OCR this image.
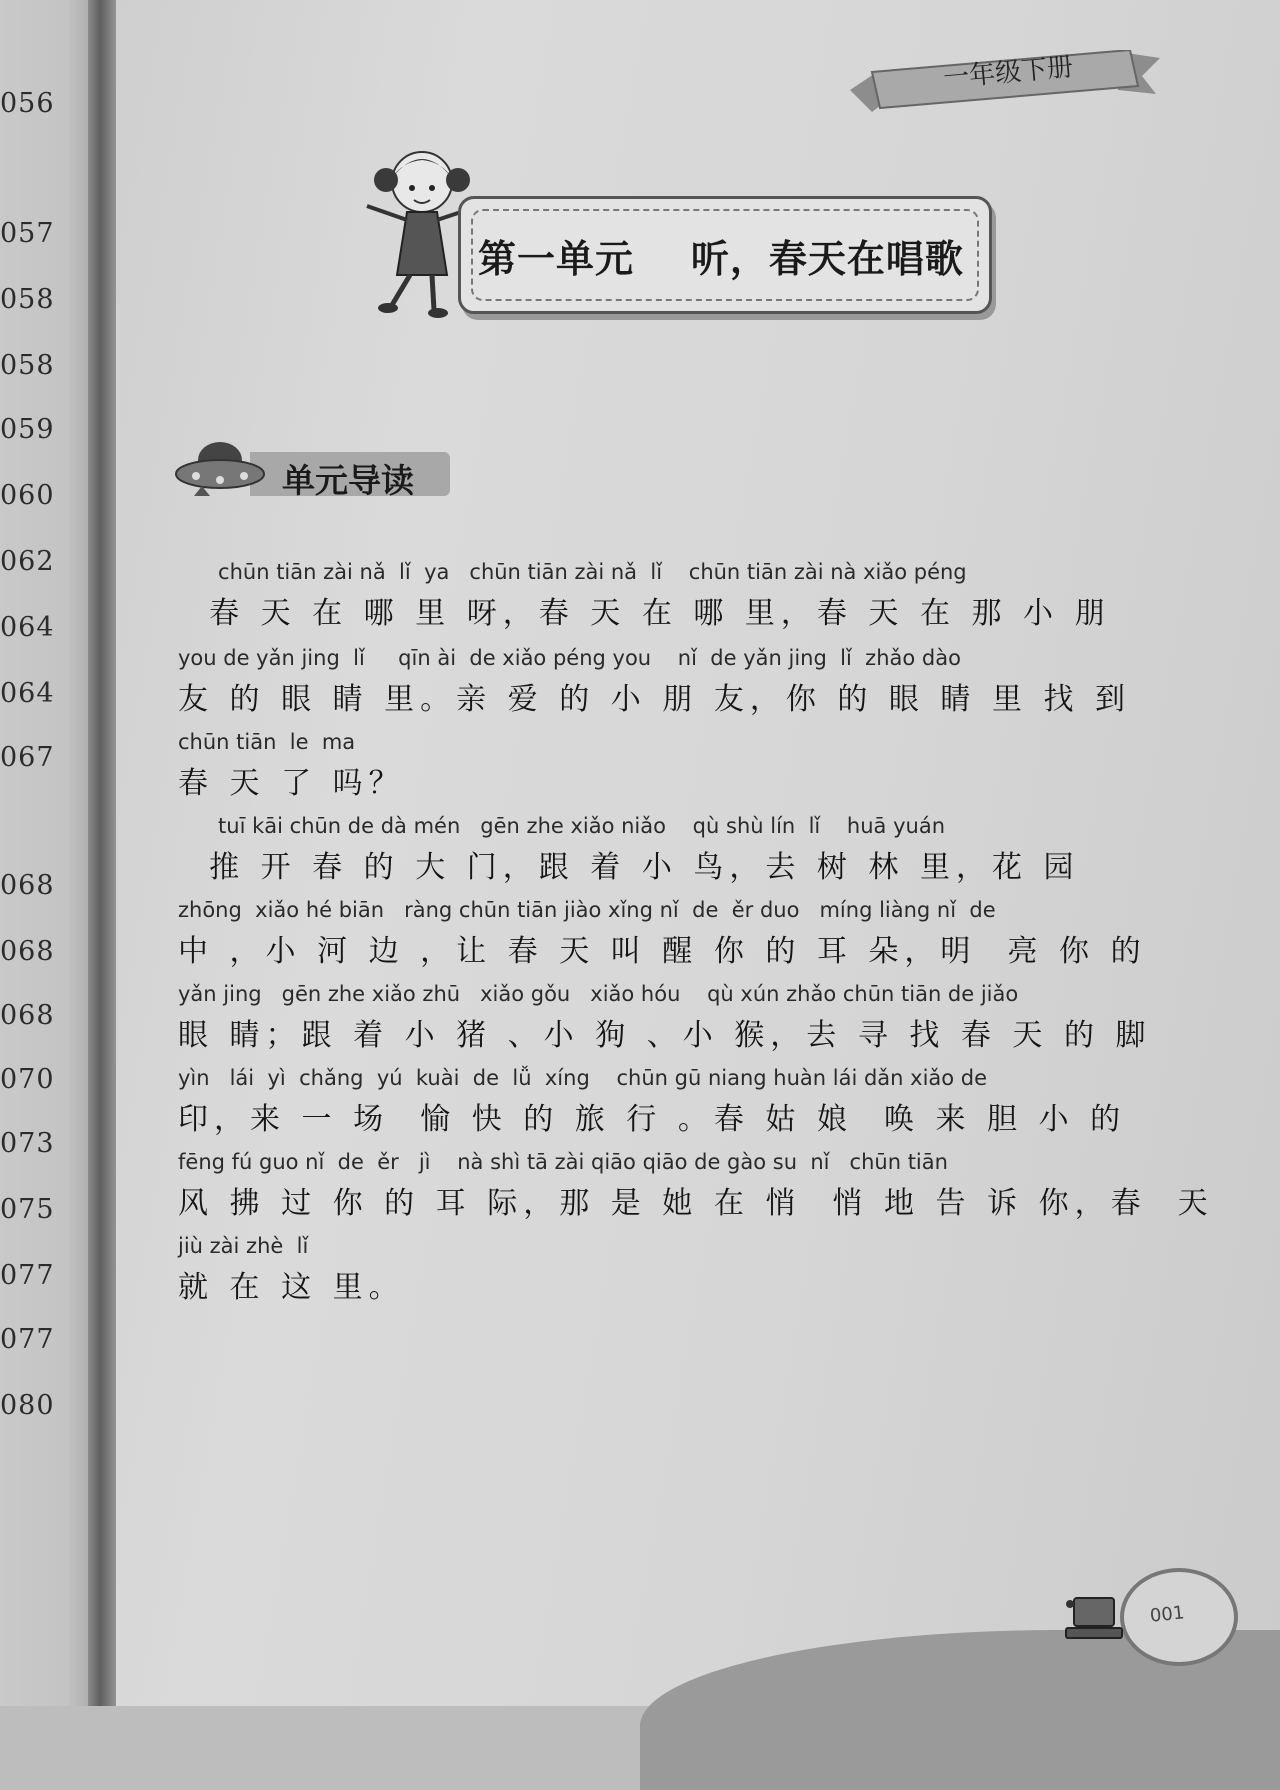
056
057
058
058
059
060
062
064
064
067
068
068
068
070
073
075
077
077
080
一年级下册
第一单元    听，春天在唱歌
单元导读
chūn tiān zài nǎ  lǐ  ya   chūn tiān zài nǎ  lǐ    chūn tiān zài nà xiǎo péng
春 天 在 哪 里 呀，春 天 在 哪 里，春 天 在 那 小 朋
you de yǎn jing  lǐ     qīn ài  de xiǎo péng you    nǐ  de yǎn jing  lǐ  zhǎo dào
友 的 眼 睛 里。亲 爱 的 小 朋 友，你 的 眼 睛 里 找 到
chūn tiān  le  ma
春 天 了 吗？
tuī kāi chūn de dà mén   gēn zhe xiǎo niǎo    qù shù lín  lǐ    huā yuán
推 开 春 的 大 门，跟 着 小 鸟，去 树 林 里，花 园
zhōng  xiǎo hé biān   ràng chūn tiān jiào xǐng nǐ  de  ěr duo   míng liàng nǐ  de
中 ，小 河 边 ，让 春 天 叫 醒 你 的 耳 朵，明  亮 你 的
yǎn jing   gēn zhe xiǎo zhū   xiǎo gǒu   xiǎo hóu    qù xún zhǎo chūn tiān de jiǎo
眼 睛；跟 着 小 猪 、小 狗 、小 猴，去 寻 找 春 天 的 脚
yìn   lái  yì  chǎng  yú  kuài  de  lǚ  xíng    chūn gū niang huàn lái dǎn xiǎo de
印，来 一 场  愉 快 的 旅 行 。春 姑 娘  唤 来 胆 小 的
fēng fú guo nǐ  de  ěr   jì    nà shì tā zài qiāo qiāo de gào su  nǐ   chūn tiān
风 拂 过 你 的 耳 际，那 是 她 在 悄  悄 地 告 诉 你，春  天
jiù zài zhè  lǐ
就 在 这 里。
001
